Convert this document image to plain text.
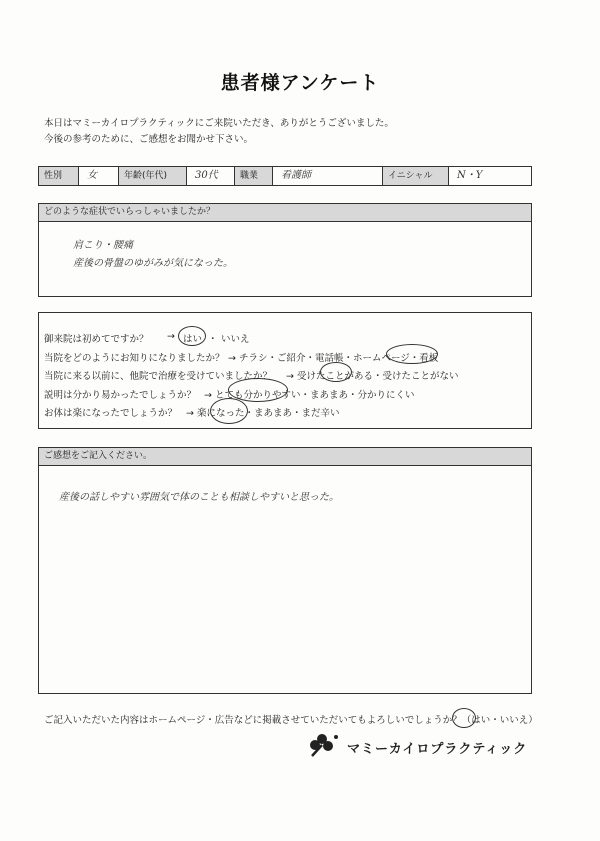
患者様アンケート
本日はマミーカイロプラクティックにご来院いただき、ありがとうございました。
今後の参考のために、ご感想をお聞かせ下さい。
性別	女	年齢(年代)	30代	職業	看護師	イニシャル	N・Y
どのような症状でいらっしゃいましたか？
肩こり・腰痛
産後の骨盤のゆがみが気になった。
御来院は初めてですか？ → はい ・ いいえ
当院をどのようにお知りになりましたか？ → チラシ・ご紹介・電話帳・ホームページ・看板
当院に来る以前に、他院で治療を受けていましたか？ → 受けたことがある・受けたことがない
説明は分かり易かったでしょうか？ → とても分かりやすい・まあまあ・分かりにくい
お体は楽になったでしょうか？ → 楽になった・まあまあ・まだ辛い
ご感想をご記入ください。
産後の話しやすい雰囲気で体のことも相談しやすいと思った。
ご記入いただいた内容はホームページ・広告などに掲載させていただいてもよろしいでしょうか？（はい・いいえ）
マミーカイロプラクティック
